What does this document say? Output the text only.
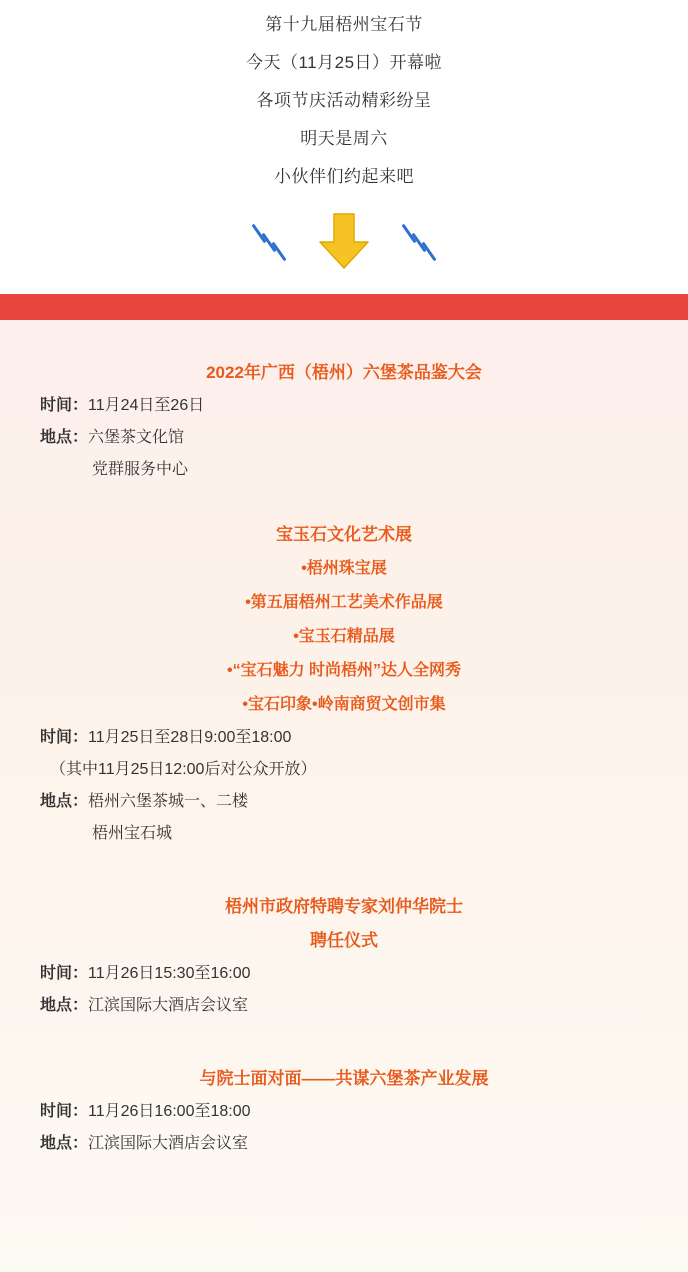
第十九届梧州宝石节
今天（11月25日）开幕啦
各项节庆活动精彩纷呈
明天是周六
小伙伴们约起来吧
2022年广西（梧州）六堡茶品鉴大会
时间：11月24日至26日
地点：六堡茶文化馆
党群服务中心
宝玉石文化艺术展
•梧州珠宝展
•第五届梧州工艺美术作品展
•宝玉石精品展
•“宝石魅力 时尚梧州”达人全网秀
•宝石印象•岭南商贸文创市集
时间：11月25日至28日9:00至18:00
（其中11月25日12:00后对公众开放）
地点：梧州六堡茶城一、二楼
梧州宝石城
梧州市政府特聘专家刘仲华院士
聘任仪式
时间：11月26日15:30至16:00
地点：江滨国际大酒店会议室
与院士面对面——共谋六堡茶产业发展
时间：11月26日16:00至18:00
地点：江滨国际大酒店会议室
